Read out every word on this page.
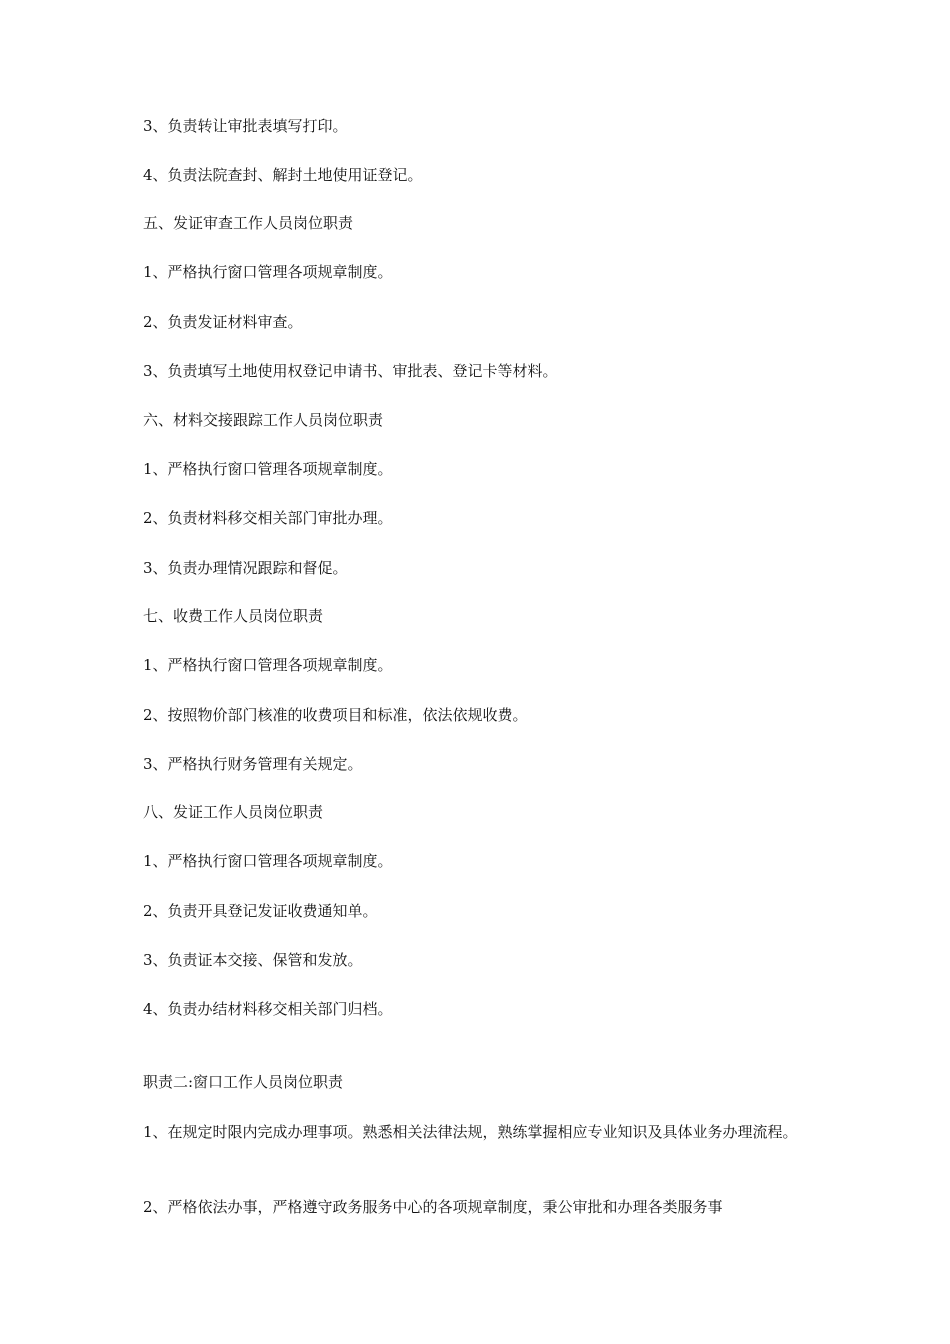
3、负责转让审批表填写打印。
4、负责法院查封、解封土地使用证登记。
五、发证审查工作人员岗位职责
1、严格执行窗口管理各项规章制度。
2、负责发证材料审查。
3、负责填写土地使用权登记申请书、审批表、登记卡等材料。
六、材料交接跟踪工作人员岗位职责
1、严格执行窗口管理各项规章制度。
2、负责材料移交相关部门审批办理。
3、负责办理情况跟踪和督促。
七、收费工作人员岗位职责
1、严格执行窗口管理各项规章制度。
2、按照物价部门核准的收费项目和标准，依法依规收费。
3、严格执行财务管理有关规定。
八、发证工作人员岗位职责
1、严格执行窗口管理各项规章制度。
2、负责开具登记发证收费通知单。
3、负责证本交接、保管和发放。
4、负责办结材料移交相关部门归档。
职责二:窗口工作人员岗位职责
1、在规定时限内完成办理事项。熟悉相关法律法规，熟练掌握相应专业知识及具体业务办理流程。
2、严格依法办事，严格遵守政务服务中心的各项规章制度，秉公审批和办理各类服务事
